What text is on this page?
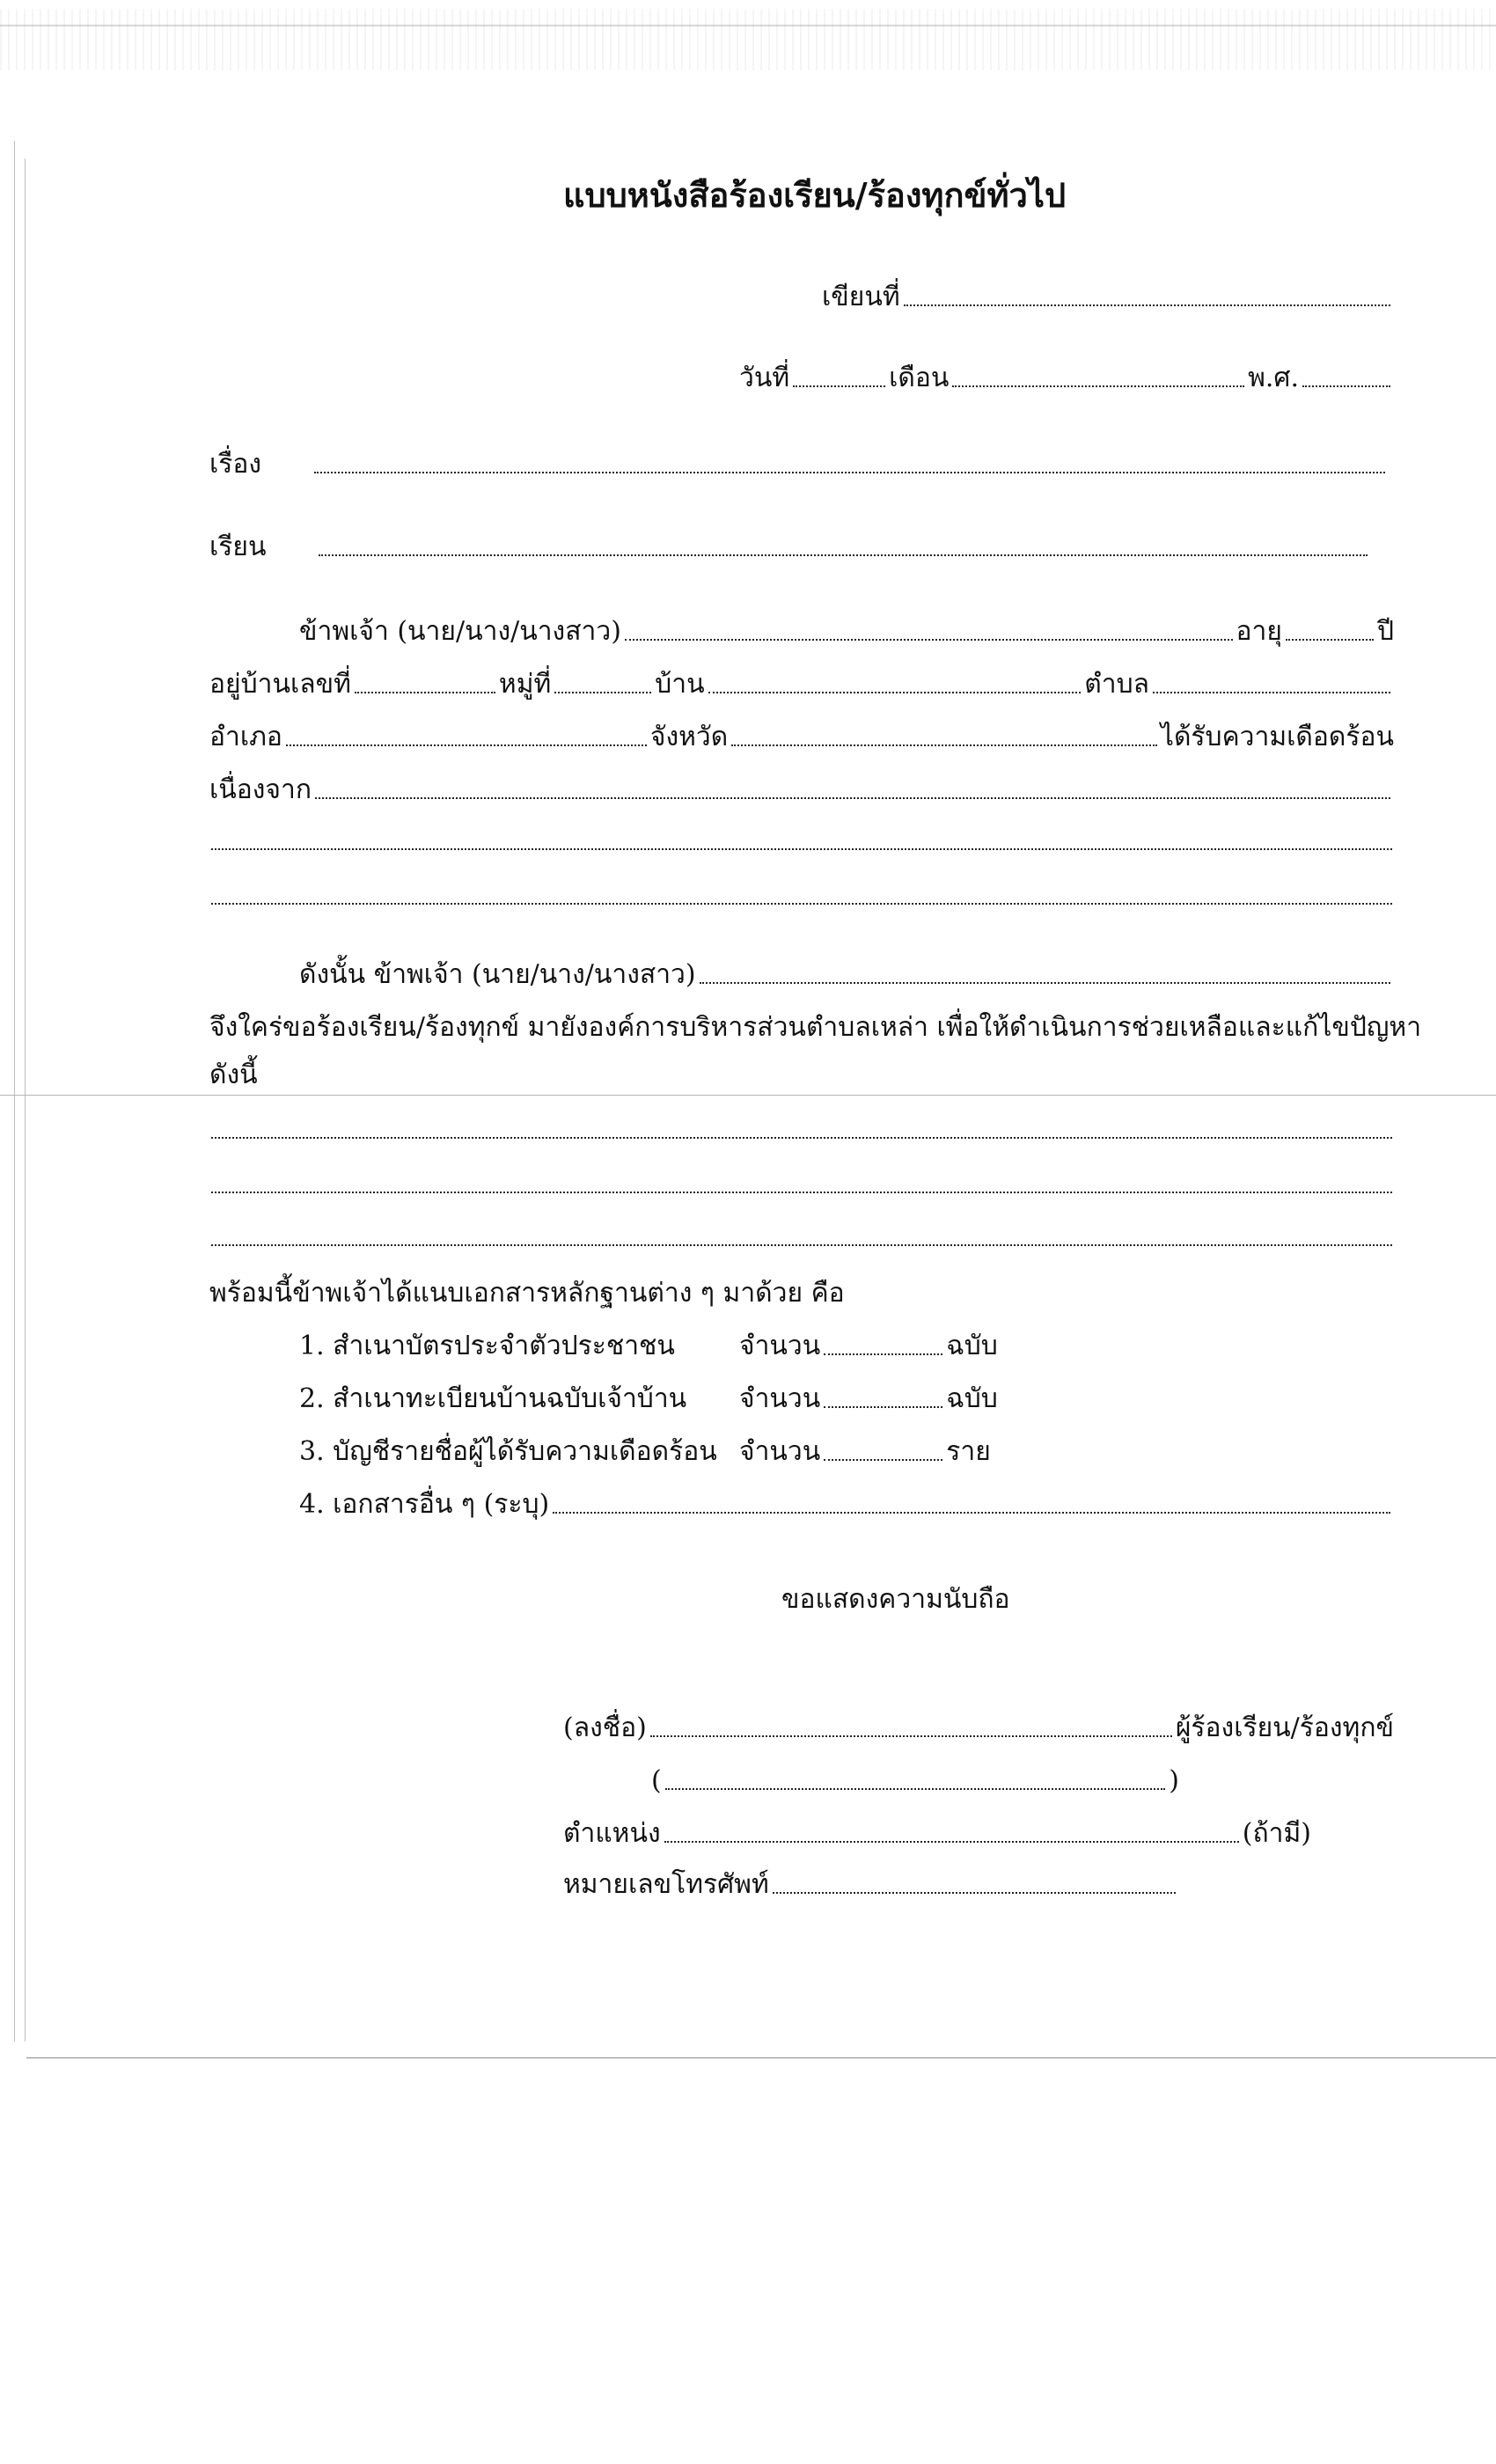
แบบหนังสือร้องเรียน/ร้องทุกข์ทั่วไป
เขียนที่
วันที่	เดือน	พ.ศ.
เรื่อง
เรียน
ข้าพเจ้า (นาย/นาง/นางสาว)	อายุ	ปี
อยู่บ้านเลขที่	หมู่ที่	บ้าน	ตำบล
อำเภอ	จังหวัด	ได้รับความเดือดร้อน
เนื่องจาก
ดังนั้น ข้าพเจ้า (นาย/นาง/นางสาว)
จึงใคร่ขอร้องเรียน/ร้องทุกข์ มายังองค์การบริหารส่วนตำบลเหล่า เพื่อให้ดำเนินการช่วยเหลือและแก้ไขปัญหา
ดังนี้
พร้อมนี้ข้าพเจ้าได้แนบเอกสารหลักฐานต่าง ๆ มาด้วย คือ
1. สำเนาบัตรประจำตัวประชาชน	จำนวน	ฉบับ
2. สำเนาทะเบียนบ้านฉบับเจ้าบ้าน	จำนวน	ฉบับ
3. บัญชีรายชื่อผู้ได้รับความเดือดร้อน จำนวน	ราย
4. เอกสารอื่น ๆ (ระบุ)
ขอแสดงความนับถือ
(ลงชื่อ)	ผู้ร้องเรียน/ร้องทุกข์
(	)
ตำแหน่ง	(ถ้ามี)
หมายเลขโทรศัพท์
